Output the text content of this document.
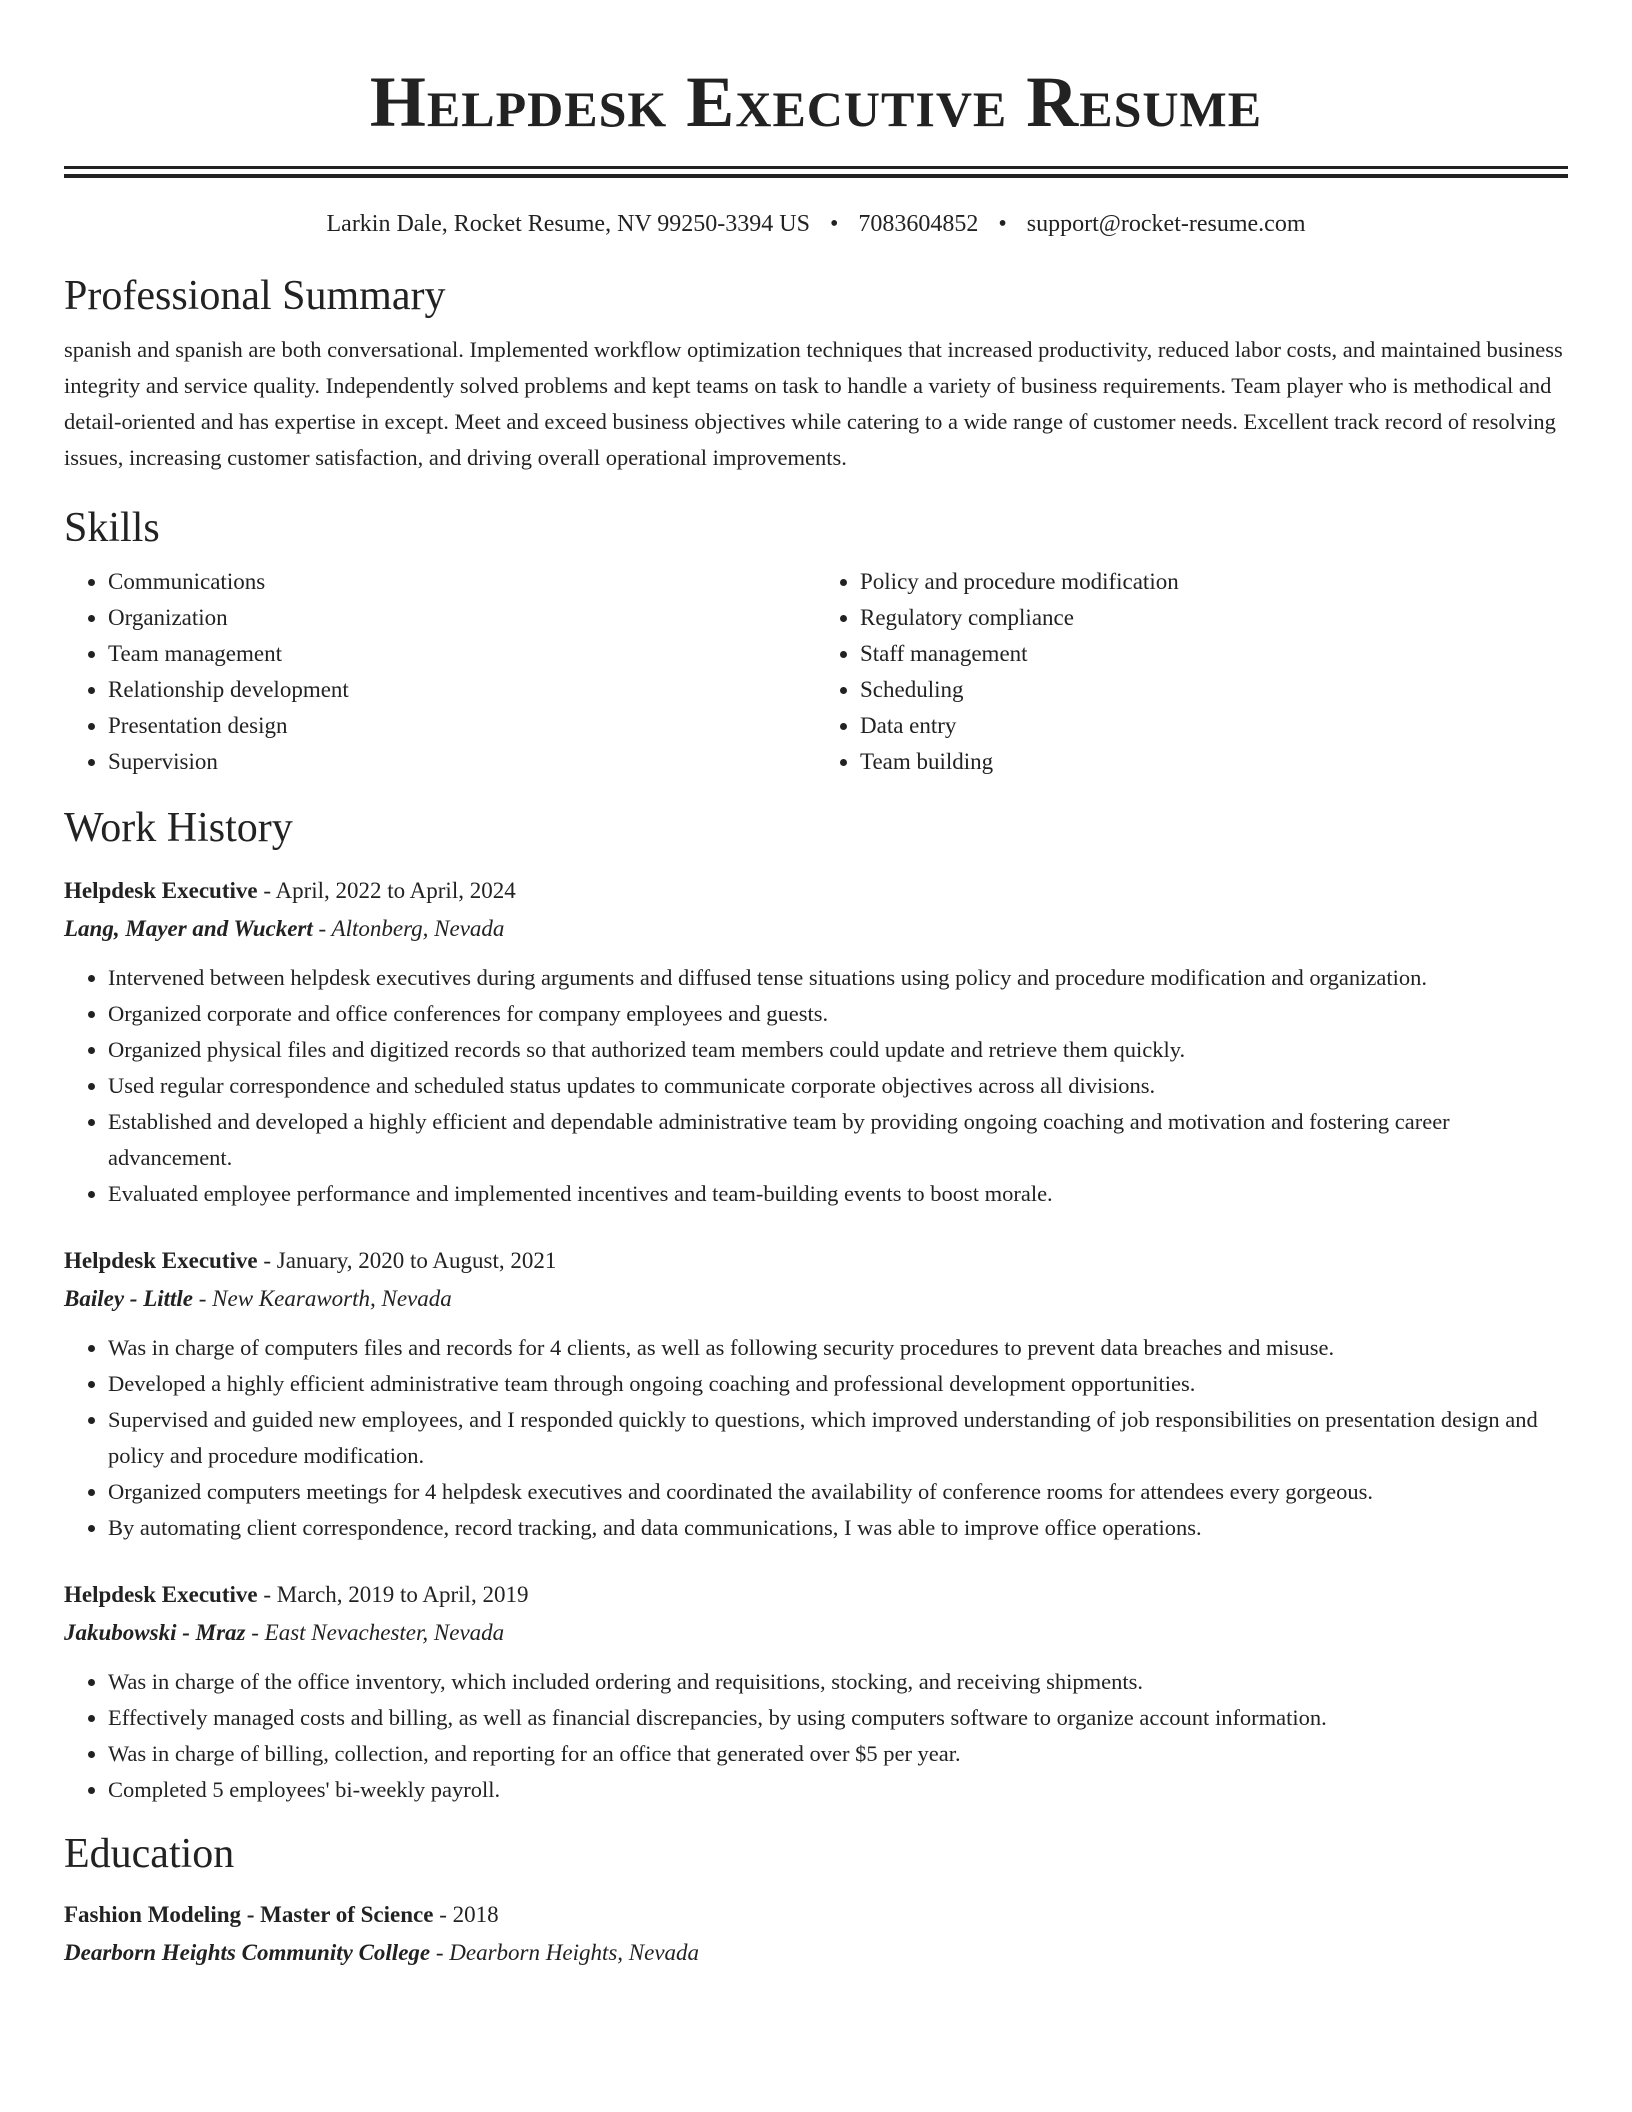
Helpdesk Executive Resume
Larkin Dale, Rocket Resume, NV 99250-3394 US • 7083604852 • support@rocket-resume.com
Professional Summary

spanish and spanish are both conversational. Implemented workflow optimization techniques that increased productivity, reduced labor costs, and maintained business integrity and service quality. Independently solved problems and kept teams on task to handle a variety of business requirements. Team player who is methodical and detail-oriented and has expertise in except. Meet and exceed business objectives while catering to a wide range of customer needs. Excellent track record of resolving issues, increasing customer satisfaction, and driving overall operational improvements.

Skills
• Communications
• Organization
• Team management
• Relationship development
• Presentation design
• Supervision
• Policy and procedure modification
• Regulatory compliance
• Staff management
• Scheduling
• Data entry
• Team building
Work History
Helpdesk Executive - April, 2022 to April, 2024
Lang, Mayer and Wuckert - Altonberg, Nevada
• Intervened between helpdesk executives during arguments and diffused tense situations using policy and procedure modification and organization.
• Organized corporate and office conferences for company employees and guests.
• Organized physical files and digitized records so that authorized team members could update and retrieve them quickly.
• Used regular correspondence and scheduled status updates to communicate corporate objectives across all divisions.
• Established and developed a highly efficient and dependable administrative team by providing ongoing coaching and motivation and fostering career advancement.
• Evaluated employee performance and implemented incentives and team-building events to boost morale.
Helpdesk Executive - January, 2020 to August, 2021
Bailey - Little - New Kearaworth, Nevada
• Was in charge of computers files and records for 4 clients, as well as following security procedures to prevent data breaches and misuse.
• Developed a highly efficient administrative team through ongoing coaching and professional development opportunities.
• Supervised and guided new employees, and I responded quickly to questions, which improved understanding of job responsibilities on presentation design and policy and procedure modification.
• Organized computers meetings for 4 helpdesk executives and coordinated the availability of conference rooms for attendees every gorgeous.
• By automating client correspondence, record tracking, and data communications, I was able to improve office operations.
Helpdesk Executive - March, 2019 to April, 2019
Jakubowski - Mraz - East Nevachester, Nevada
• Was in charge of the office inventory, which included ordering and requisitions, stocking, and receiving shipments.
• Effectively managed costs and billing, as well as financial discrepancies, by using computers software to organize account information.
• Was in charge of billing, collection, and reporting for an office that generated over $5 per year.
• Completed 5 employees' bi-weekly payroll.
Education
Fashion Modeling - Master of Science - 2018
Dearborn Heights Community College - Dearborn Heights, Nevada
